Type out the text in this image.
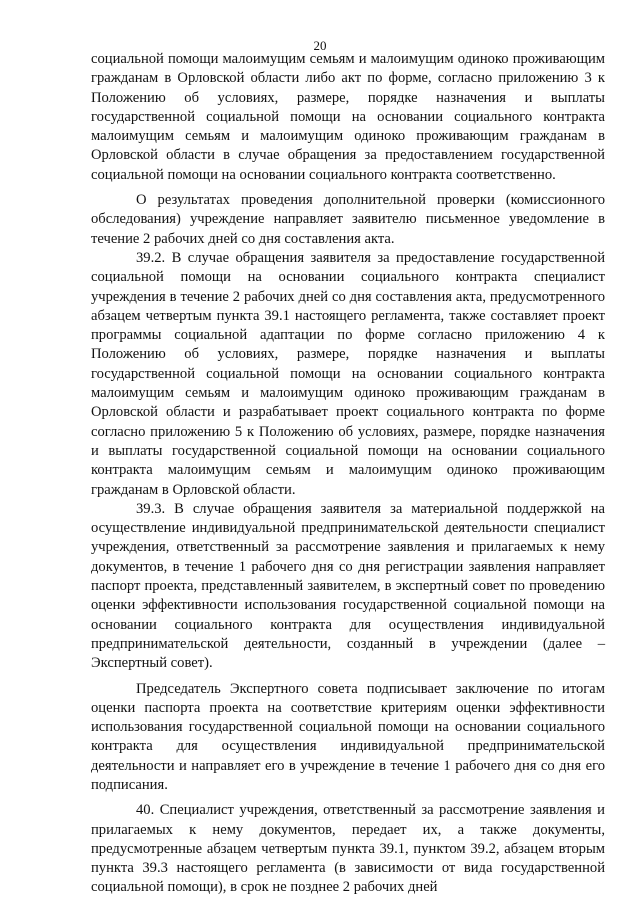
20

социальной помощи малоимущим семьям и малоимущим одиноко проживающим гражданам в Орловской области либо акт по форме, согласно приложению 3 к Положению об условиях, размере, порядке назначения и выплаты государственной социальной помощи на основании социального контракта малоимущим семьям и малоимущим одиноко проживающим гражданам в Орловской области в случае обращения за предоставлением государственной социальной помощи на основании социального контракта соответственно.

О результатах проведения дополнительной проверки (комиссионного обследования) учреждение направляет заявителю письменное уведомление в течение 2 рабочих дней со дня составления акта.

39.2. В случае обращения заявителя за предоставление государственной социальной помощи на основании социального контракта специалист учреждения в течение 2 рабочих дней со дня составления акта, предусмотренного абзацем четвертым пункта 39.1 настоящего регламента, также составляет проект программы социальной адаптации по форме согласно приложению 4 к Положению об условиях, размере, порядке назначения и выплаты государственной социальной помощи на основании социального контракта малоимущим семьям и малоимущим одиноко проживающим гражданам в Орловской области и разрабатывает проект социального контракта по форме согласно приложению 5 к Положению об условиях, размере, порядке назначения и выплаты государственной социальной помощи на основании социального контракта малоимущим семьям и малоимущим одиноко проживающим гражданам в Орловской области.

39.3. В случае обращения заявителя за материальной поддержкой на осуществление индивидуальной предпринимательской деятельности специалист учреждения, ответственный за рассмотрение заявления и прилагаемых к нему документов, в течение 1 рабочего дня со дня регистрации заявления направляет паспорт проекта, представленный заявителем, в экспертный совет по проведению оценки эффективности использования государственной социальной помощи на основании социального контракта для осуществления индивидуальной предпринимательской деятельности, созданный в учреждении (далее – Экспертный совет).

Председатель Экспертного совета подписывает заключение по итогам оценки паспорта проекта на соответствие критериям оценки эффективности использования государственной социальной помощи на основании социального контракта для осуществления индивидуальной предпринимательской деятельности и направляет его в учреждение в течение 1 рабочего дня со дня его подписания.

40. Специалист учреждения, ответственный за рассмотрение заявления и прилагаемых к нему документов, передает их, а также документы, предусмотренные абзацем четвертым пункта 39.1, пунктом 39.2, абзацем вторым пункта 39.3 настоящего регламента (в зависимости от вида государственной социальной помощи), в срок не позднее 2 рабочих дней
